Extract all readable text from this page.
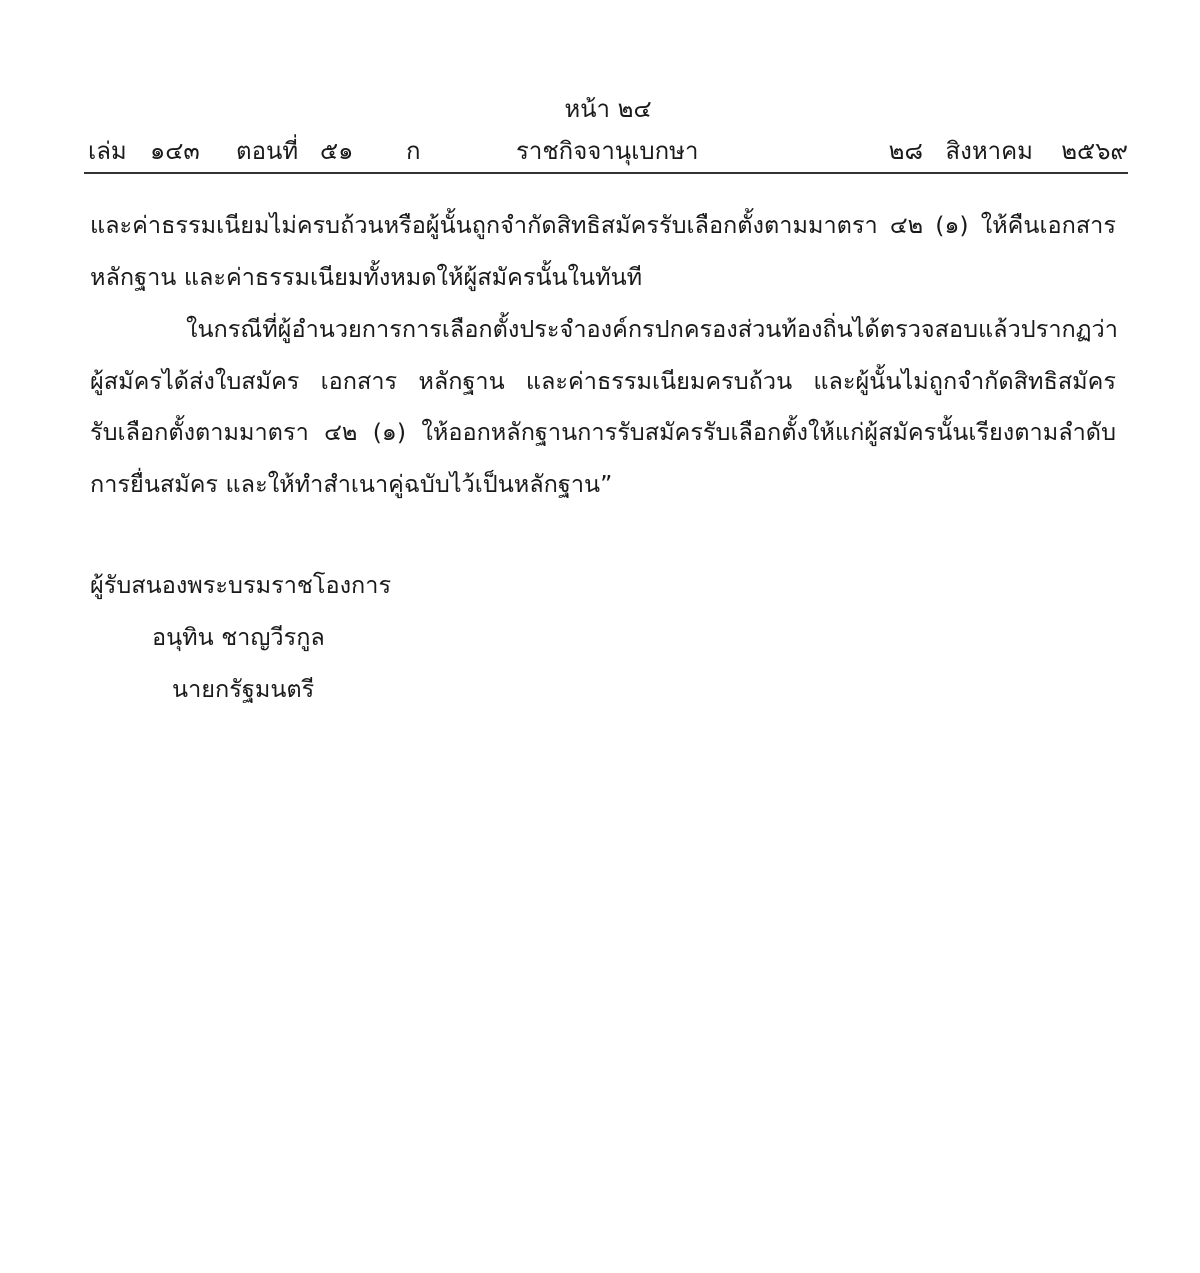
หน้า ๒๔
เล่ม ๑๔๓ ตอนที่ ๕๑ ก	ราชกิจจานุเบกษา	๒๘ สิงหาคม ๒๕๖๙
และค่าธรรมเนียมไม่ครบถ้วนหรือผู้นั้นถูกจำกัดสิทธิสมัครรับเลือกตั้งตามมาตรา ๔๒ (๑) ให้คืนเอกสาร
หลักฐาน และค่าธรรมเนียมทั้งหมดให้ผู้สมัครนั้นในทันที
ในกรณีที่ผู้อำนวยการการเลือกตั้งประจำองค์กรปกครองส่วนท้องถิ่นได้ตรวจสอบแล้วปรากฏว่า
ผู้สมัครได้ส่งใบสมัคร เอกสาร หลักฐาน และค่าธรรมเนียมครบถ้วน และผู้นั้นไม่ถูกจำกัดสิทธิสมัคร
รับเลือกตั้งตามมาตรา ๔๒ (๑) ให้ออกหลักฐานการรับสมัครรับเลือกตั้งให้แก่ผู้สมัครนั้นเรียงตามลำดับ
การยื่นสมัคร และให้ทำสำเนาคู่ฉบับไว้เป็นหลักฐาน”
ผู้รับสนองพระบรมราชโองการ
อนุทิน ชาญวีรกูล
นายกรัฐมนตรี
